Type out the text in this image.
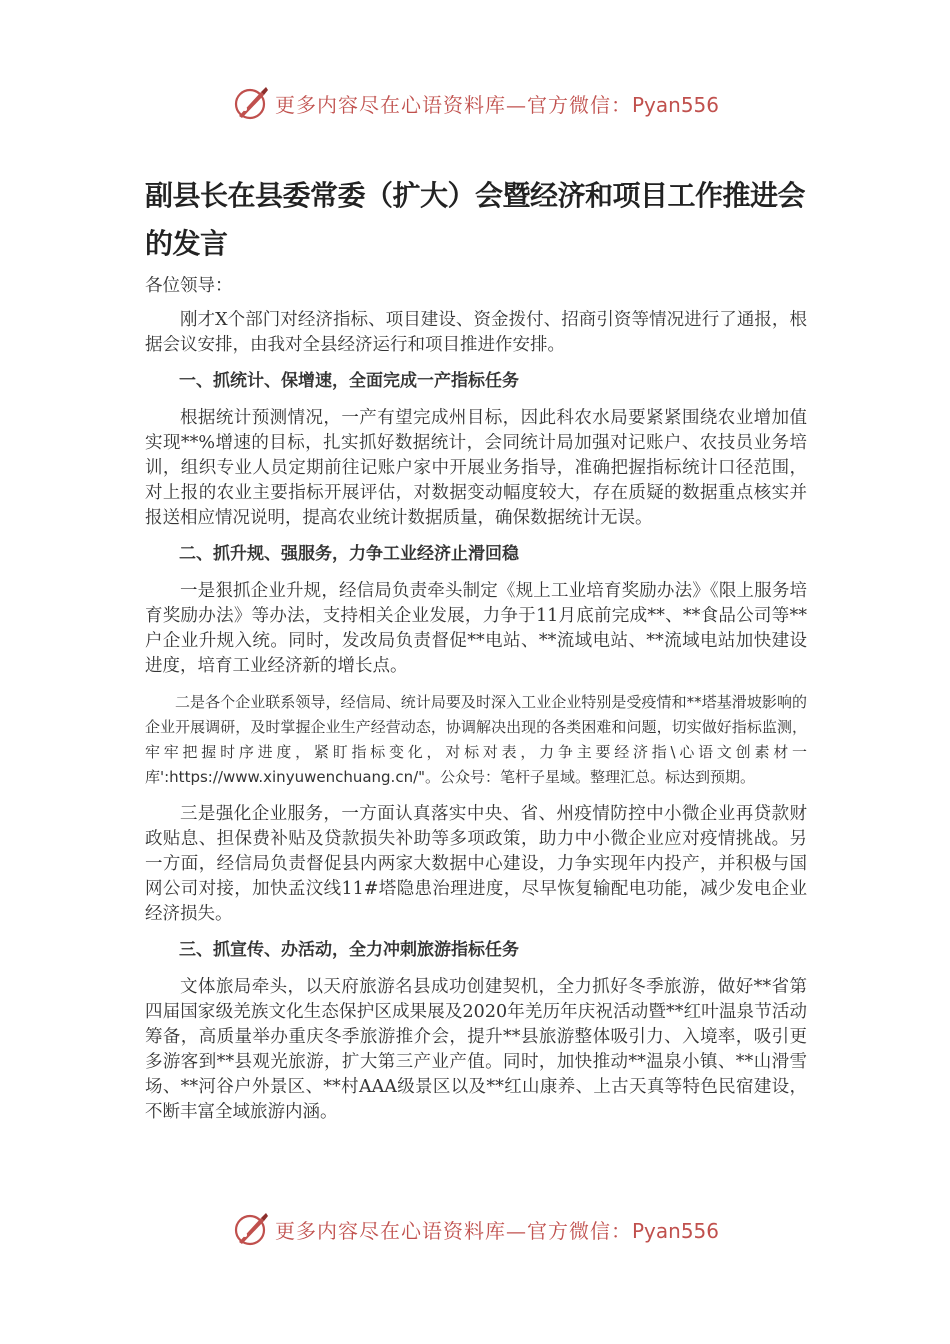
更多内容尽在心语资料库—官方微信：Pyan556
副县长在县委常委（扩大）会暨经济和项目工作推进会的发言

各位领导：

刚才X个部门对经济指标、项目建设、资金拨付、招商引资等情况进行了通报，根据会议安排，由我对全县经济运行和项目推进作安排。

一、抓统计、保增速，全面完成一产指标任务

根据统计预测情况，一产有望完成州目标，因此科农水局要紧紧围绕农业增加值实现**%增速的目标，扎实抓好数据统计，会同统计局加强对记账户、农技员业务培训，组织专业人员定期前往记账户家中开展业务指导，准确把握指标统计口径范围，对上报的农业主要指标开展评估，对数据变动幅度较大，存在质疑的数据重点核实并报送相应情况说明，提高农业统计数据质量，确保数据统计无误。

二、抓升规、强服务，力争工业经济止滑回稳

一是狠抓企业升规，经信局负责牵头制定《规上工业培育奖励办法》《限上服务培育奖励办法》等办法，支持相关企业发展，力争于11月底前完成**、**食品公司等**户企业升规入统。同时，发改局负责督促**电站、**流域电站、**流域电站加快建设进度，培育工业经济新的增长点。

二是各个企业联系领导，经信局、统计局要及时深入工业企业特别是受疫情和**塔基滑坡影响的企业开展调研，及时掌握企业生产经营动态，协调解决出现的各类困难和问题，切实做好指标监测，牢牢把握时序进度，紧盯指标变化，对标对表，力争主要经济指\心语文创素材一库':https://www.xinyuwenchuang.cn/"。公众号：笔杆子星域。整理汇总。标达到预期。

三是强化企业服务，一方面认真落实中央、省、州疫情防控中小微企业再贷款财政贴息、担保费补贴及贷款损失补助等多项政策，助力中小微企业应对疫情挑战。另一方面，经信局负责督促县内两家大数据中心建设，力争实现年内投产，并积极与国网公司对接，加快孟汶线11#塔隐患治理进度，尽早恢复输配电功能，减少发电企业经济损失。

三、抓宣传、办活动，全力冲刺旅游指标任务

文体旅局牵头，以天府旅游名县成功创建契机，全力抓好冬季旅游，做好**省第四届国家级羌族文化生态保护区成果展及2020年羌历年庆祝活动暨**红叶温泉节活动筹备，高质量举办重庆冬季旅游推介会，提升**县旅游整体吸引力、入境率，吸引更多游客到**县观光旅游，扩大第三产业产值。同时，加快推动**温泉小镇、**山滑雪场、**河谷户外景区、**村AAA级景区以及**红山康养、上古天真等特色民宿建设，不断丰富全域旅游内涵。

更多内容尽在心语资料库—官方微信：Pyan556
